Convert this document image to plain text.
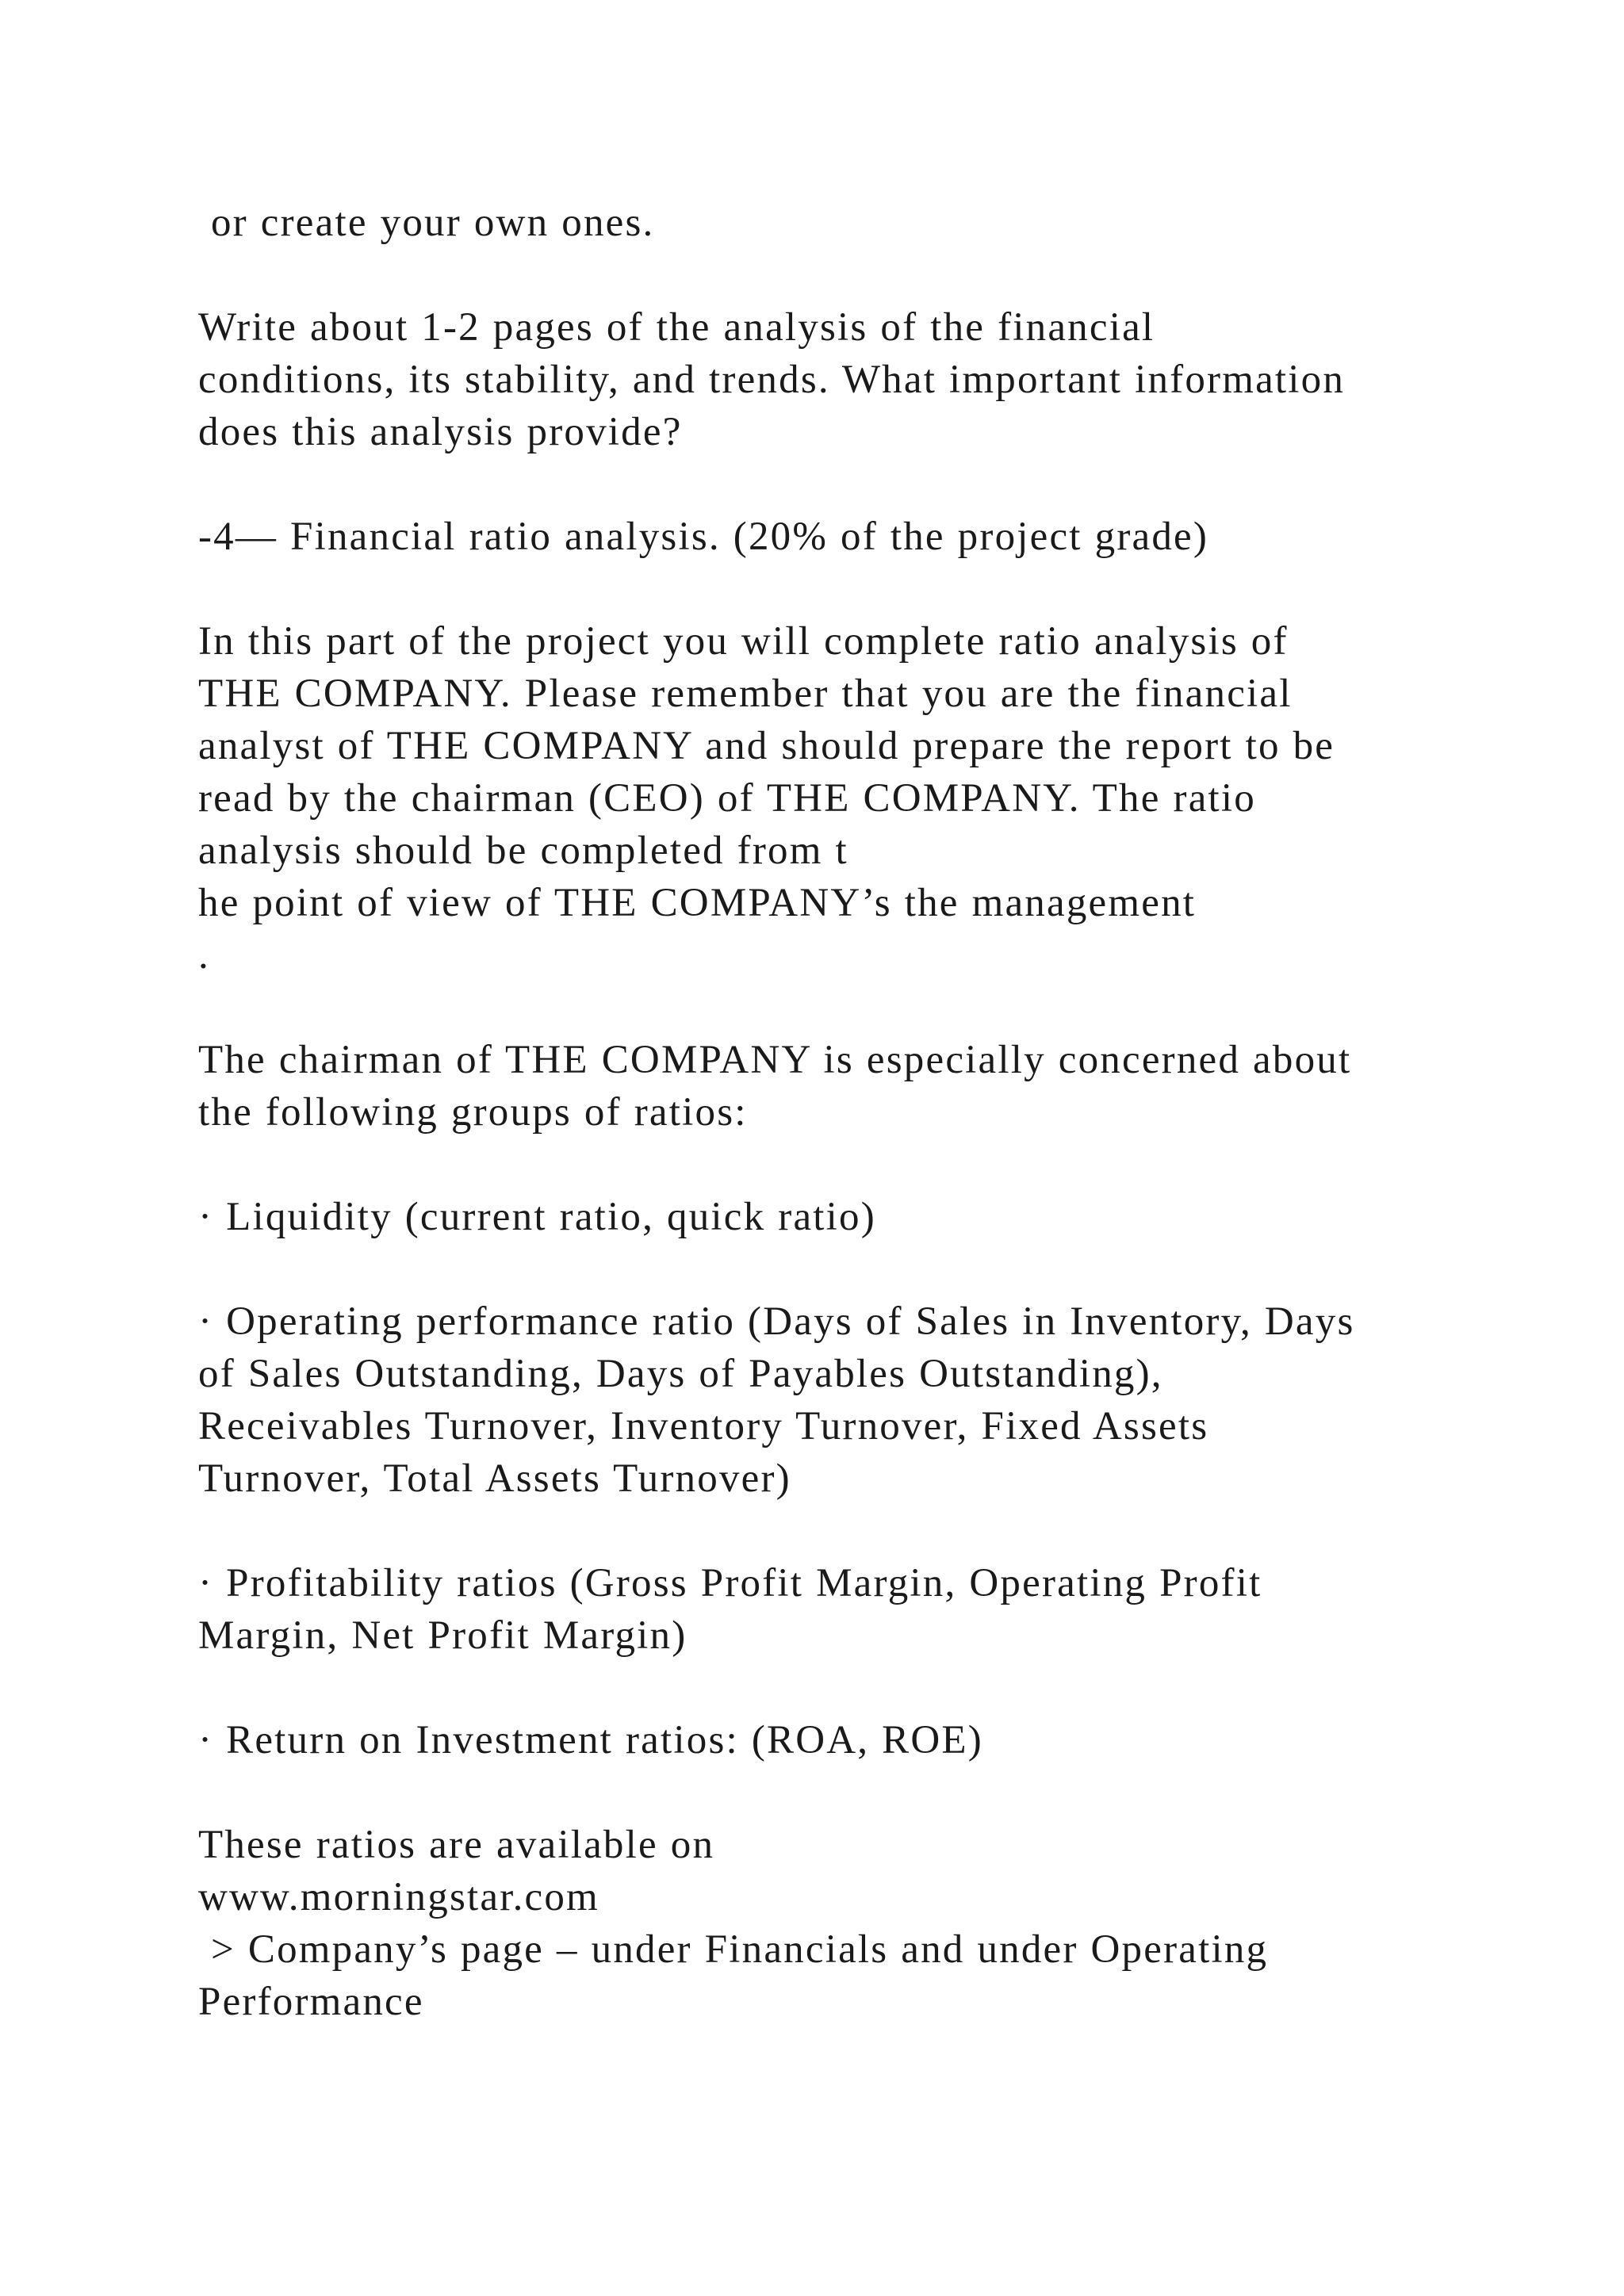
or create your own ones.
Write about 1-2 pages of the analysis of the financial
conditions, its stability, and trends. What important information
does this analysis provide?
-4— Financial ratio analysis. (20% of the project grade)
In this part of the project you will complete ratio analysis of
THE COMPANY. Please remember that you are the financial
analyst of THE COMPANY and should prepare the report to be
read by the chairman (CEO) of THE COMPANY. The ratio
analysis should be completed from t
he point of view of THE COMPANY’s the management
.
The chairman of THE COMPANY is especially concerned about
the following groups of ratios:
· Liquidity (current ratio, quick ratio)
· Operating performance ratio (Days of Sales in Inventory, Days
of Sales Outstanding, Days of Payables Outstanding),
Receivables Turnover, Inventory Turnover, Fixed Assets
Turnover, Total Assets Turnover)
· Profitability ratios (Gross Profit Margin, Operating Profit
Margin, Net Profit Margin)
· Return on Investment ratios: (ROA, ROE)
These ratios are available on
www.morningstar.com
> Company’s page – under Financials and under Operating
Performance
